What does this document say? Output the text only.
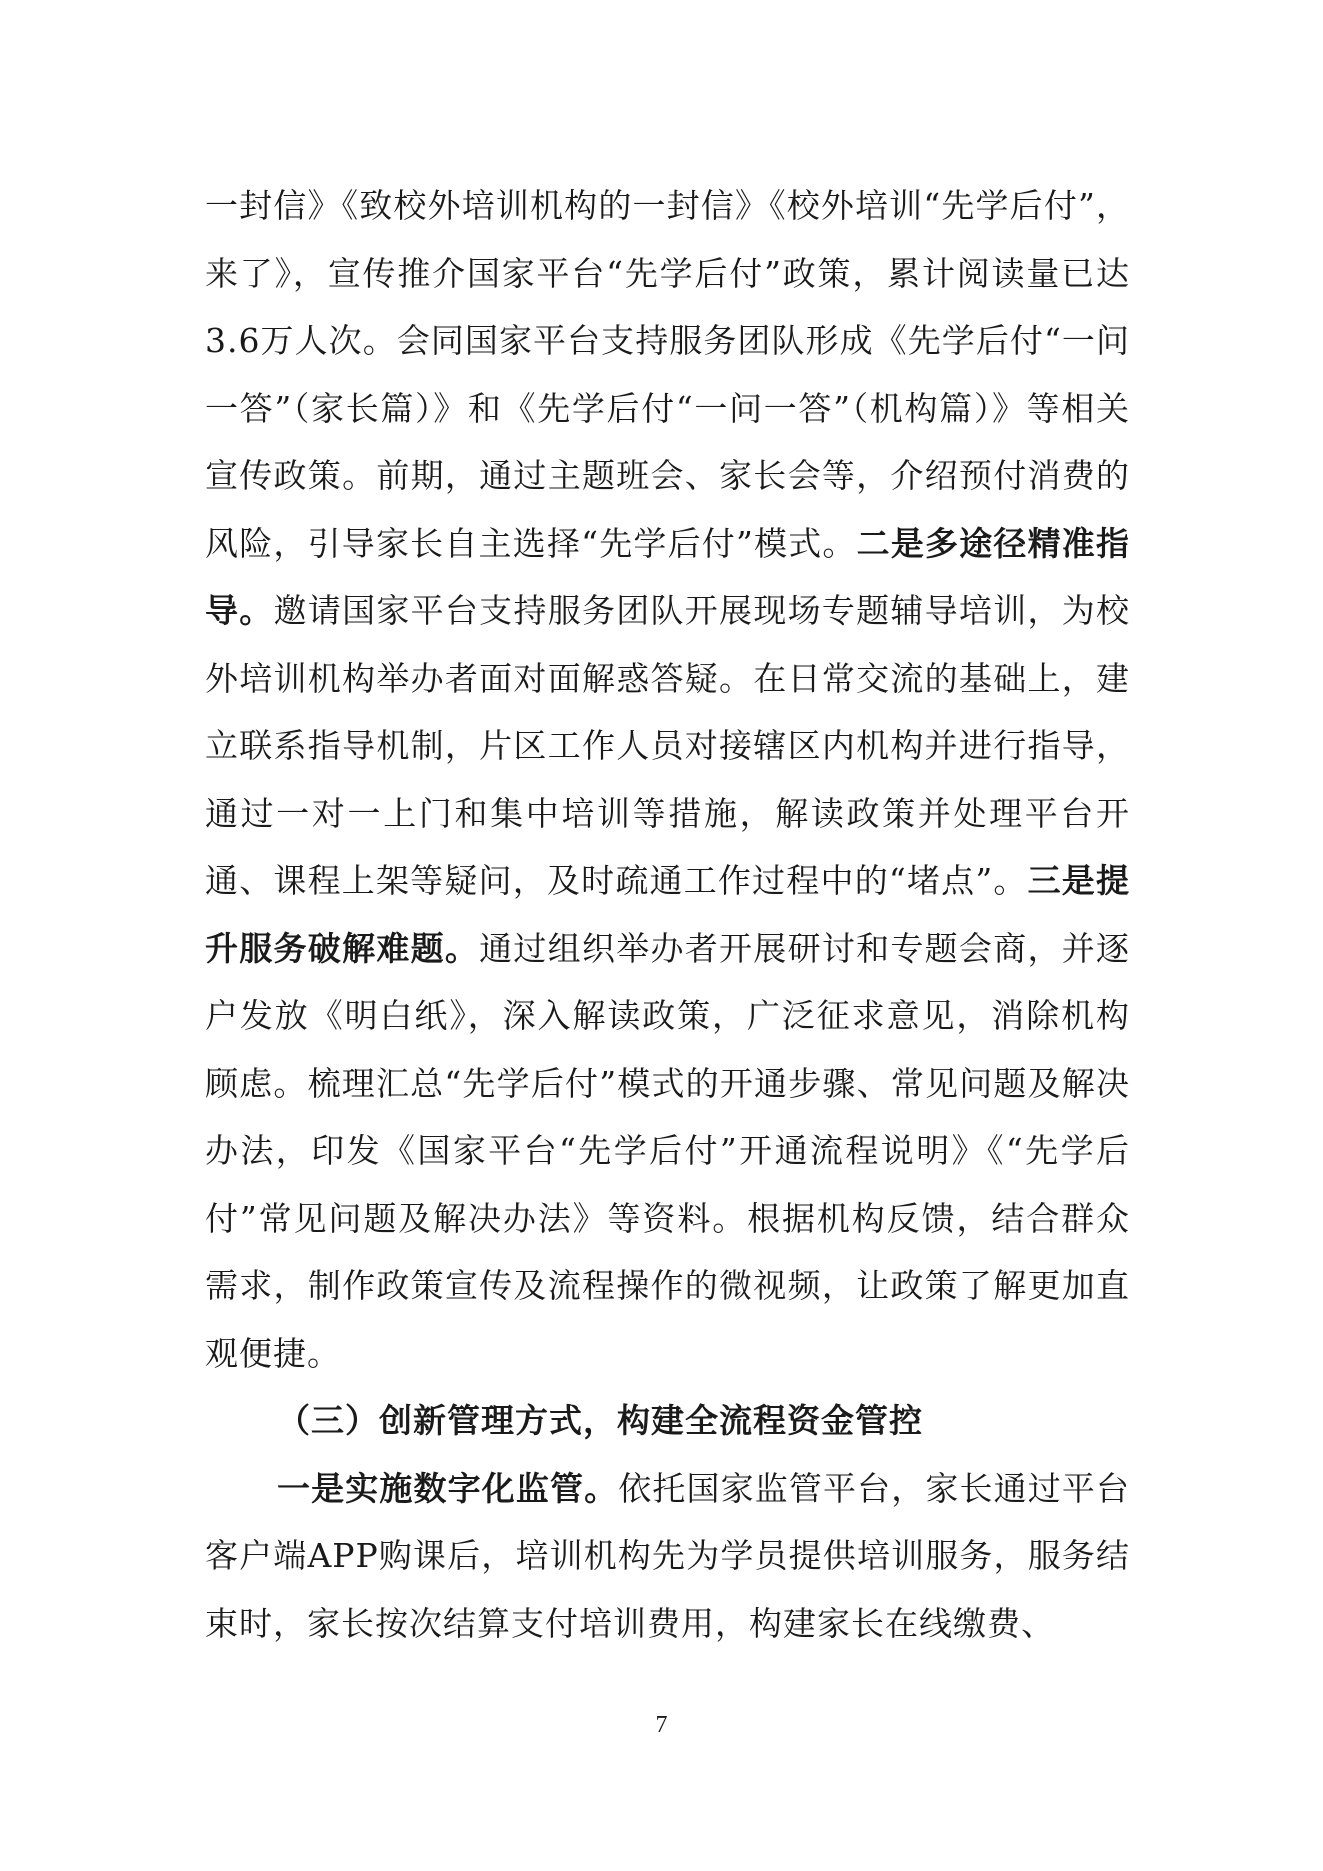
一封信》《致校外培训机构的一封信》《校外培训“先学后付”，来了》，宣传推介国家平台“先学后付”政策，累计阅读量已达3.6万人次。会同国家平台支持服务团队形成《先学后付“一问一答”（家长篇）》和《先学后付“一问一答”（机构篇）》等相关宣传政策。前期，通过主题班会、家长会等，介绍预付消费的风险，引导家长自主选择“先学后付”模式。二是多途径精准指导。邀请国家平台支持服务团队开展现场专题辅导培训，为校外培训机构举办者面对面解惑答疑。在日常交流的基础上，建立联系指导机制，片区工作人员对接辖区内机构并进行指导，通过一对一上门和集中培训等措施，解读政策并处理平台开通、课程上架等疑问，及时疏通工作过程中的“堵点”。三是提升服务破解难题。通过组织举办者开展研讨和专题会商，并逐户发放《明白纸》，深入解读政策，广泛征求意见，消除机构顾虑。梳理汇总“先学后付”模式的开通步骤、常见问题及解决办法，印发《国家平台“先学后付”开通流程说明》《“先学后付”常见问题及解决办法》等资料。根据机构反馈，结合群众需求，制作政策宣传及流程操作的微视频，让政策了解更加直观便捷。

（三）创新管理方式，构建全流程资金管控

一是实施数字化监管。依托国家监管平台，家长通过平台客户端APP购课后，培训机构先为学员提供培训服务，服务结束时，家长按次结算支付培训费用，构建家长在线缴费、

7
